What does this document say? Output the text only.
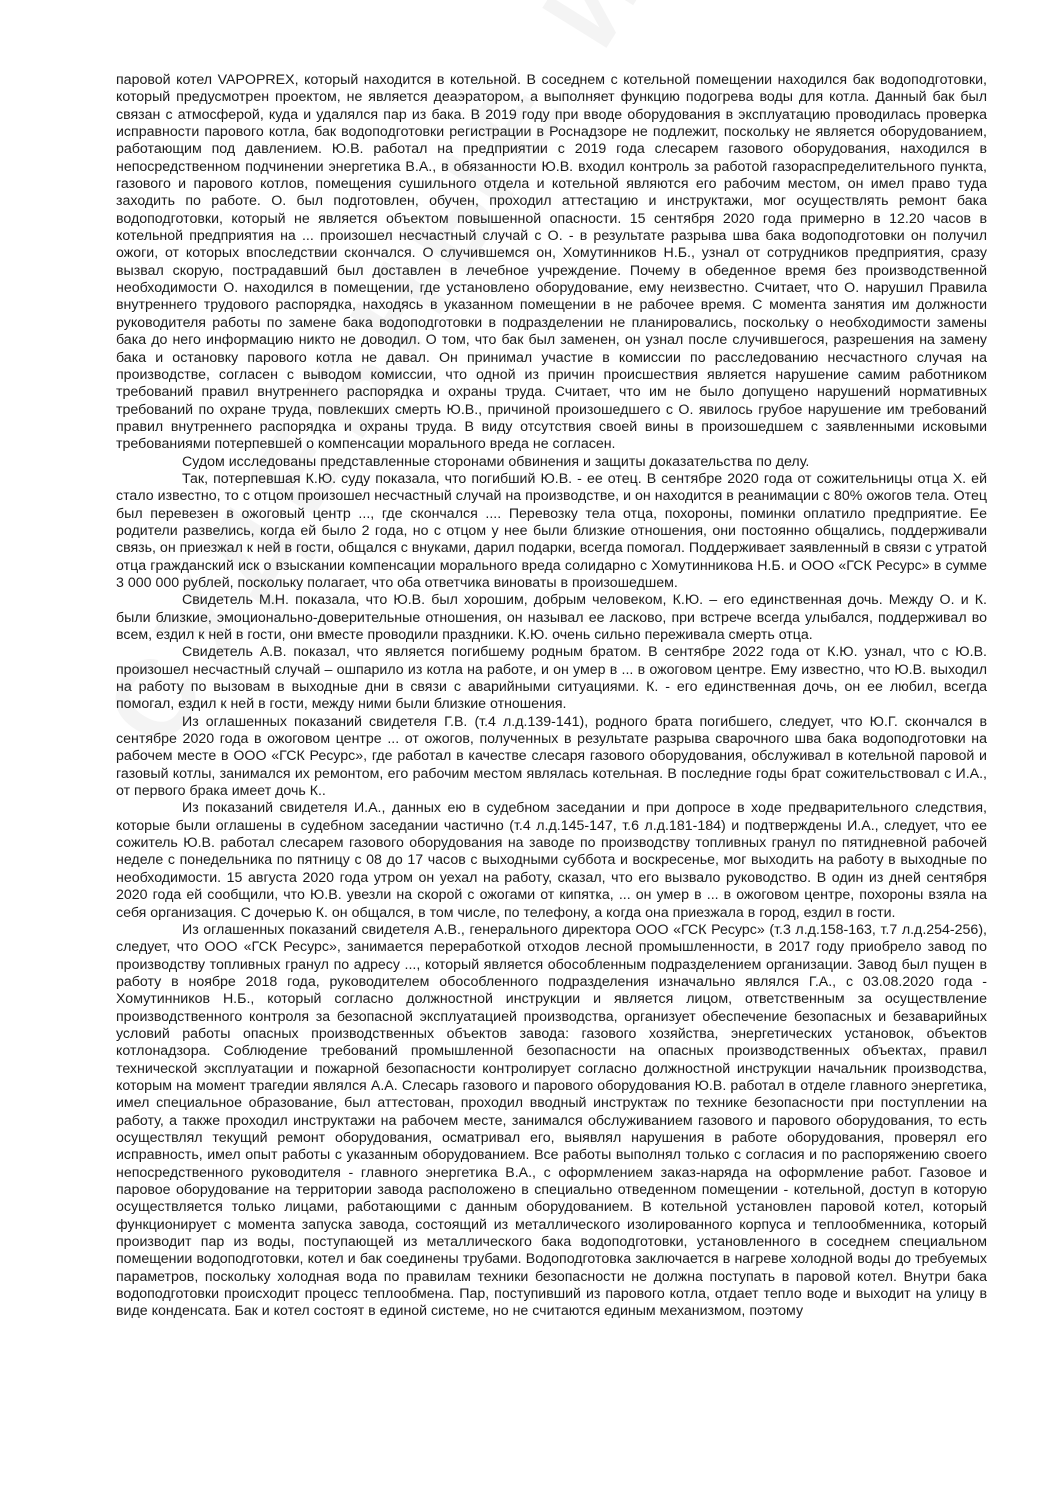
паровой котел VAPOPREX, который находится в котельной. В соседнем с котельной помещении находился бак водоподготовки, который предусмотрен проектом, не является деаэратором, а выполняет функцию подогрева воды для котла. Данный бак был связан с атмосферой, куда и удалялся пар из бака. В 2019 году при вводе оборудования в эксплуатацию проводилась проверка исправности парового котла, бак водоподготовки регистрации в Роснадзоре не подлежит, поскольку не является оборудованием, работающим под давлением. Ю.В. работал на предприятии с 2019 года слесарем газового оборудования, находился в непосредственном подчинении энергетика В.А., в обязанности Ю.В. входил контроль за работой газораспределительного пункта, газового и парового котлов, помещения сушильного отдела и котельной являются его рабочим местом, он имел право туда заходить по работе. О. был подготовлен, обучен, проходил аттестацию и инструктажи, мог осуществлять ремонт бака водоподготовки, который не является объектом повышенной опасности. 15 сентября 2020 года примерно в 12.20 часов в котельной предприятия на ... произошел несчастный случай с О. - в результате разрыва шва бака водоподготовки он получил ожоги, от которых впоследствии скончался. О случившемся он, Хомутинников Н.Б., узнал от сотрудников предприятия, сразу вызвал скорую, пострадавший был доставлен в лечебное учреждение. Почему в обеденное время без производственной необходимости О. находился в помещении, где установлено оборудование, ему неизвестно. Считает, что О. нарушил Правила внутреннего трудового распорядка, находясь в указанном помещении в не рабочее время. С момента занятия им должности руководителя работы по замене бака водоподготовки в подразделении не планировались, поскольку о необходимости замены бака до него информацию никто не доводил. О том, что бак был заменен, он узнал после случившегося, разрешения на замену бака и остановку парового котла не давал. Он принимал участие в комиссии по расследованию несчастного случая на производстве, согласен с выводом комиссии, что одной из причин происшествия является нарушение самим работником требований правил внутреннего распорядка и охраны труда. Считает, что им не было допущено нарушений нормативных требований по охране труда, повлекших смерть Ю.В., причиной произошедшего с О. явилось грубое нарушение им требований правил внутреннего распорядка и охраны труда. В виду отсутствия своей вины в произошедшем с заявленными исковыми требованиями потерпевшей о компенсации морального вреда не согласен.

Судом исследованы представленные сторонами обвинения и защиты доказательства по делу.

Так, потерпевшая К.Ю. суду показала, что погибший Ю.В. - ее отец. В сентябре 2020 года от сожительницы отца Х. ей стало известно, то с отцом произошел несчастный случай на производстве, и он находится в реанимации с 80% ожогов тела. Отец был перевезен в ожоговый центр ..., где скончался .... Перевозку тела отца, похороны, поминки оплатило предприятие. Ее родители развелись, когда ей было 2 года, но с отцом у нее были близкие отношения, они постоянно общались, поддерживали связь, он приезжал к ней в гости, общался с внуками, дарил подарки, всегда помогал. Поддерживает заявленный в связи с утратой отца гражданский иск о взыскании компенсации морального вреда солидарно с Хомутинникова Н.Б. и ООО «ГСК Ресурс» в сумме 3 000 000 рублей, поскольку полагает, что оба ответчика виноваты в произошедшем.

Свидетель М.Н. показала, что Ю.В. был хорошим, добрым человеком, К.Ю. – его единственная дочь. Между О. и К. были близкие, эмоционально-доверительные отношения, он называл ее ласково, при встрече всегда улыбался, поддерживал во всем, ездил к ней в гости, они вместе проводили праздники. К.Ю. очень сильно переживала смерть отца.

Свидетель А.В. показал, что является погибшему родным братом. В сентябре 2022 года от К.Ю. узнал, что с Ю.В. произошел несчастный случай – ошпарило из котла на работе, и он умер в ... в ожоговом центре. Ему известно, что Ю.В. выходил на работу по вызовам в выходные дни в связи с аварийными ситуациями. К. - его единственная дочь, он ее любил, всегда помогал, ездил к ней в гости, между ними были близкие отношения.

Из оглашенных показаний свидетеля Г.В. (т.4 л.д.139-141), родного брата погибшего, следует, что Ю.Г. скончался в сентябре 2020 года в ожоговом центре ... от ожогов, полученных в результате разрыва сварочного шва бака водоподготовки на рабочем месте в ООО «ГСК Ресурс», где работал в качестве слесаря газового оборудования, обслуживал в котельной паровой и газовый котлы, занимался их ремонтом, его рабочим местом являлась котельная. В последние годы брат сожительствовал с И.А., от первого брака имеет дочь К..

Из показаний свидетеля И.А., данных ею в судебном заседании и при допросе в ходе предварительного следствия, которые были оглашены в судебном заседании частично (т.4 л.д.145-147, т.6 л.д.181-184) и подтверждены И.А., следует, что ее сожитель Ю.В. работал слесарем газового оборудования на заводе по производству топливных гранул по пятидневной рабочей неделе с понедельника по пятницу с 08 до 17 часов с выходными суббота и воскресенье, мог выходить на работу в выходные по необходимости. 15 августа 2020 года утром он уехал на работу, сказал, что его вызвало руководство. В один из дней сентября 2020 года ей сообщили, что Ю.В. увезли на скорой с ожогами от кипятка, ... он умер в ... в ожоговом центре, похороны взяла на себя организация. С дочерью К. он общался, в том числе, по телефону, а когда она приезжала в город, ездил в гости.

Из оглашенных показаний свидетеля А.В., генерального директора ООО «ГСК Ресурс» (т.3 л.д.158-163, т.7 л.д.254-256), следует, что ООО «ГСК Ресурс», занимается переработкой отходов лесной промышленности, в 2017 году приобрело завод по производству топливных гранул по адресу ..., который является обособленным подразделением организации. Завод был пущен в работу в ноябре 2018 года, руководителем обособленного подразделения изначально являлся Г.А., с 03.08.2020 года - Хомутинников Н.Б., который согласно должностной инструкции и является лицом, ответственным за осуществление производственного контроля за безопасной эксплуатацией производства, организует обеспечение безопасных и безаварийных условий работы опасных производственных объектов завода: газового хозяйства, энергетических установок, объектов котлонадзора. Соблюдение требований промышленной безопасности на опасных производственных объектах, правил технической эксплуатации и пожарной безопасности контролирует согласно должностной инструкции начальник производства, которым на момент трагедии являлся А.А. Слесарь газового и парового оборудования Ю.В. работал в отделе главного энергетика, имел специальное образование, был аттестован, проходил вводный инструктаж по технике безопасности при поступлении на работу, а также проходил инструктажи на рабочем месте, занимался обслуживанием газового и парового оборудования, то есть осуществлял текущий ремонт оборудования, осматривал его, выявлял нарушения в работе оборудования, проверял его исправность, имел опыт работы с указанным оборудованием. Все работы выполнял только с согласия и по распоряжению своего непосредственного руководителя - главного энергетика В.А., с оформлением заказ-наряда на оформление работ. Газовое и паровое оборудование на территории завода расположено в специально отведенном помещении - котельной, доступ в которую осуществляется только лицами, работающими с данным оборудованием. В котельной установлен паровой котел, который функционирует с момента запуска завода, состоящий из металлического изолированного корпуса и теплообменника, который производит пар из воды, поступающей из металлического бака водоподготовки, установленного в соседнем специальном помещении водоподготовки, котел и бак соединены трубами. Водоподготовка заключается в нагреве холодной воды до требуемых параметров, поскольку холодная вода по правилам техники безопасности не должна поступать в паровой котел. Внутри бака водоподготовки происходит процесс теплообмена. Пар, поступивший из парового котла, отдает тепло воде и выходит на улицу в виде конденсата. Бак и котел состоят в единой системе, но не считаются единым механизмом, поэтому
